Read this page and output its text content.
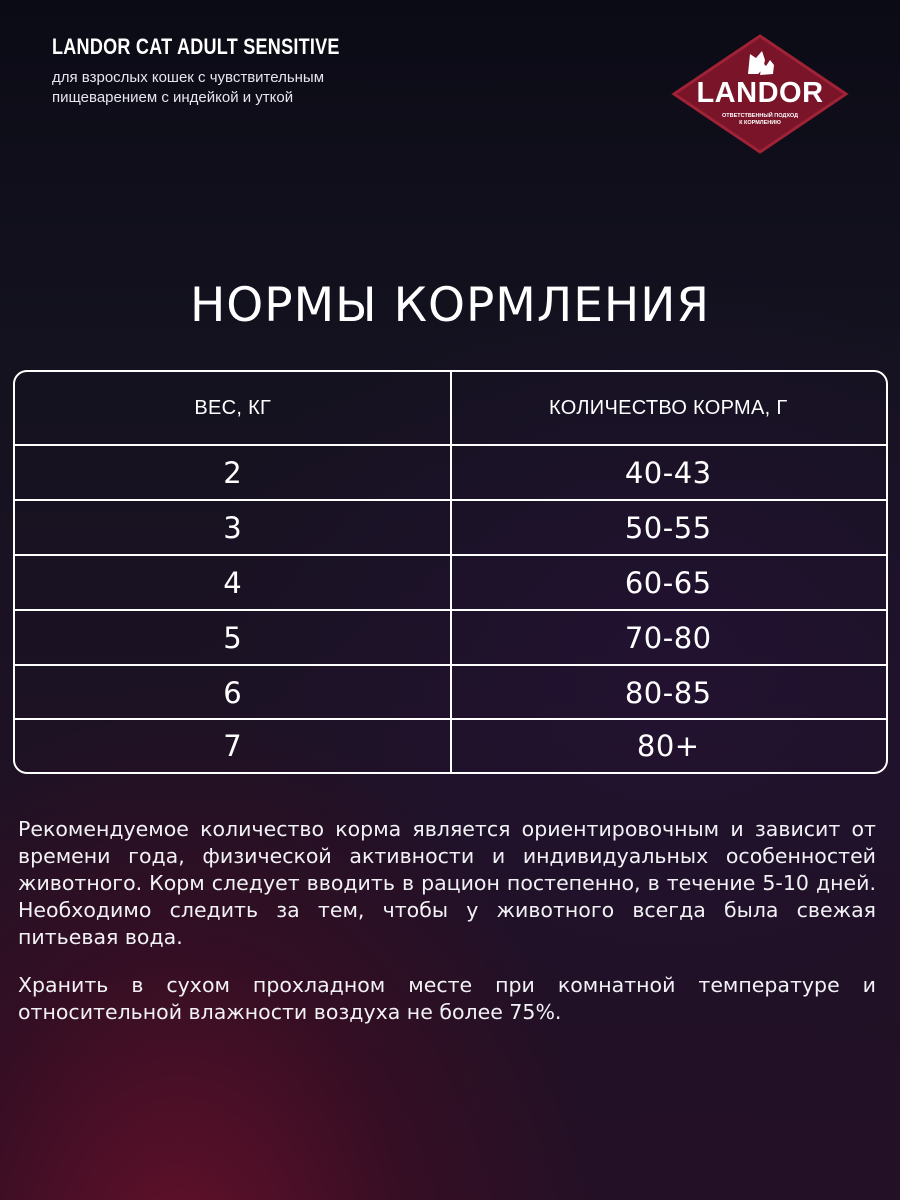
LANDOR CAT ADULT SENSITIVE
для взрослых кошек с чувствительным пищеварением с индейкой и уткой	LANDOR
ОТВЕТСТВЕННЫЙ ПОДХОД
К КОРМЛЕНИЮ
НОРМЫ КОРМЛЕНИЯ
ВЕС, КГ	КОЛИЧЕСТВО КОРМА, Г
2	40-43
3	50-55
4	60-65
5	70-80
6	80-85
7	80+
Рекомендуемое количество корма является ориентировочным и зависит от времени года, физической активности и индивидуальных особенностей животного. Корм следует вводить в рацион постепенно, в течение 5-10 дней. Необходимо следить за тем, чтобы у животного всегда была свежая питьевая вода.
Хранить в сухом прохладном месте при комнатной температуре и относительной влажности воздуха не более 75%.
